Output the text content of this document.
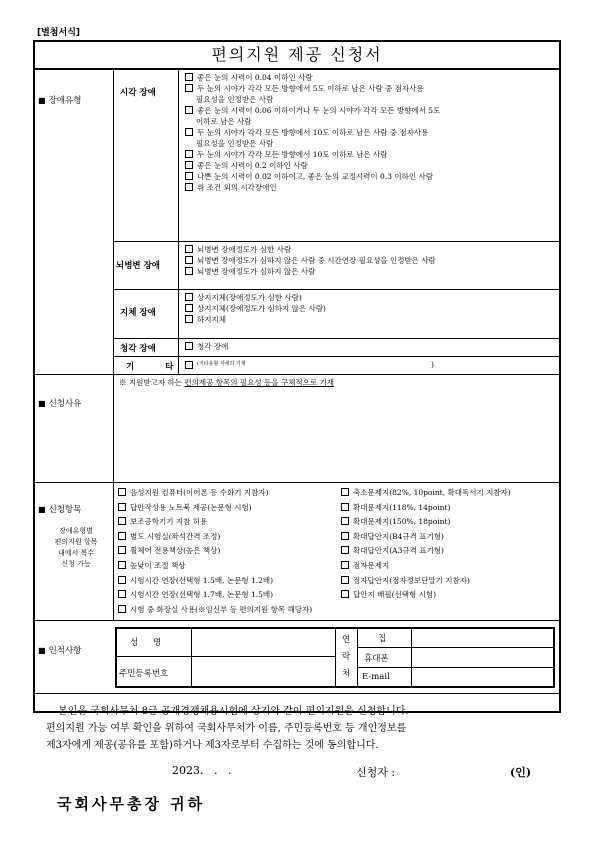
[별첨서식]
편의지원 제공 신청서
■ 장애유형
시각 장애
좋은 눈의 시력이 0.04 이하인 사람
두 눈의 시야가 각각 모든 방향에서 5도 이하로 남은 사람 중 점자사용
필요성을 인정받은 사람
좋은 눈의 시력이 0.06 이하이거나 두 눈의 시야가 각각 모든 방향에서 5도
이하로 남은 사람
두 눈의 시야가 각각 모든 방향에서 10도 이하로 남은 사람 중 점자사용
필요성을 인정받은 사람
두 눈의 시야가 각각 모든 방향에서 10도 이하로 남은 사람
좋은 눈의 시력이 0.2 이하인 사람
나쁜 눈의 시력이 0.02 이하이고, 좋은 눈의 교정시력이 0.3 이하인 사람
위 조건 외의 시각장애인
뇌병변 장애
뇌병변 장애정도가 심한 사람
뇌병변 장애정도가 심하지 않은 사람 중 시간연장 필요성을 인정받은 사람
뇌병변 장애정도가 심하지 않은 사람
지체 장애
상지지체(장애정도가 심한 사람)
상지지체(장애정도가 심하지 않은 사람)
하지지체
청각 장애	청각 장애
기 타	$^{(기타유형 자세히 기재}$	)
■ 신청사유
※ 지원받고자 하는 편의제공 항목의 필요성 등을 구체적으로 기재
■ 신청항목
장애유형별
편의지원 항목
내에서 복수
신청 가능
음성지원 컴퓨터(이어폰 등 수화기 지참자)
답안작성용 노트북 제공(논문형 시험)
보조공학기기 지참 허용
별도 시험실(좌석간격 조정)
휠체어 전용책상(높은 책상)
높낮이 조절 책상
시험시간 연장(선택형 1.5배, 논문형 1.2배)
시험시간 연장(선택형 1.7배, 논문형 1.5배)
시험 중 화장실 사용(※임신부 등 편의지원 항목 해당자)
축소문제지(82%, 10point, 확대독서기 지참자)
확대문제지(118%, 14point)
확대문제지(150%, 18point)
확대답안지(B4규격 표기형)
확대답안지(A3규격 표기형)
점자문제지
점자답안지(점자정보단말기 지참자)
답안지 배필(선택형 시험)
■ 인적사항
성 명
주민등록번호
연
락
처
집
휴대폰
E-mail
본인은 국회사무처 8급 공개경쟁채용시험에 상기와 같이 편의지원을 신청합니다.
편의지원 가능 여부 확인을 위하여 국회사무처가 이름, 주민등록번호 등 개인정보를
제3자에게 제공(공유를 포함)하거나 제3자로부터 수집하는 것에 동의합니다.
2023.   .   .	신청자 :	(인)
국회사무총장 귀하
